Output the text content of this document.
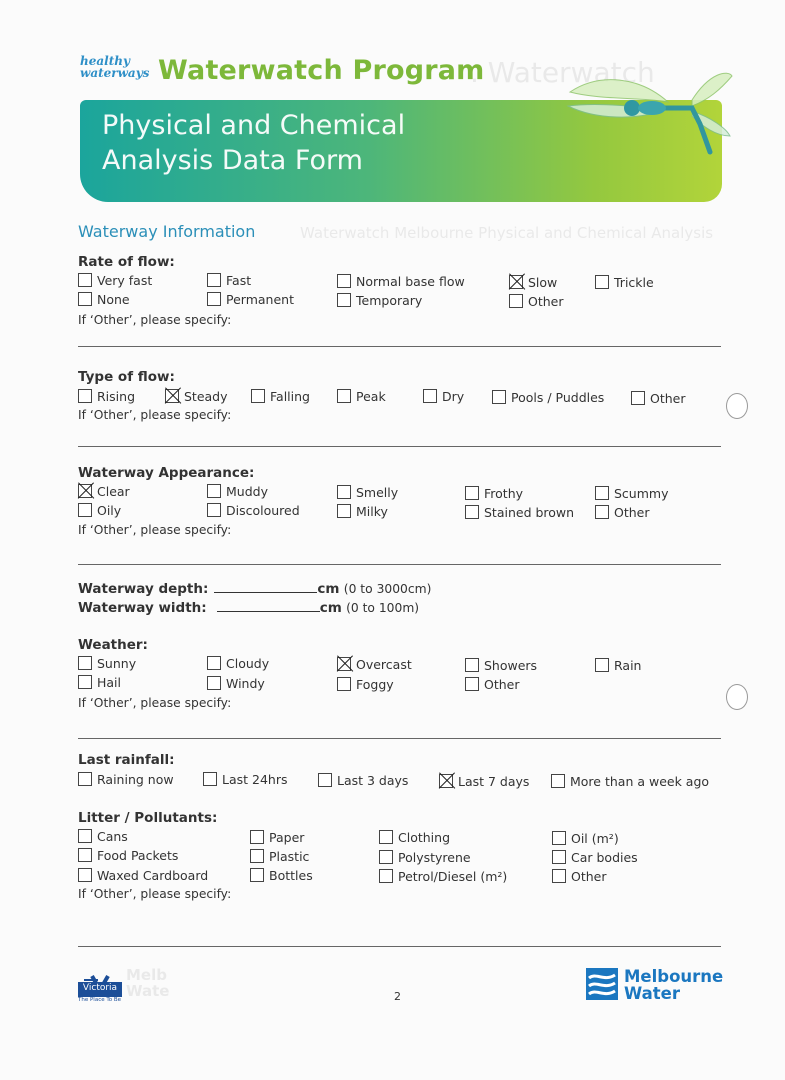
. Waterwatch
Waterwatch Melbourne Physical and Chemical Analysis
healthy
waterways Waterwatch Program
Physical and Chemical
Analysis Data Form
Waterway Information
Rate of flow:
Very fast
None
Fast
Permanent
Normal base flow
Temporary
Slow
Other
Trickle
If ‘Other’, please specify:
Type of flow:
Rising	Steady	Falling	Peak	Dry	Pools / Puddles	Other
If ‘Other’, please specify:
Waterway Appearance:
Clear
Oily
Muddy
Discoloured
Smelly
Milky
Frothy
Stained brown
Scummy
Other
If ‘Other’, please specify:
Waterway depth:	cm (0 to 3000cm)
Waterway width:	cm (0 to 100m)
Weather:
Sunny
Hail
Cloudy
Windy
Overcast
Foggy
Showers
Other
Rain
If ‘Other’, please specify:
Last rainfall:
Raining now	Last 24hrs	Last 3 days	Last 7 days	More than a week ago
Litter / Pollutants:
Cans
Food Packets
Waxed Cardboard
Paper
Plastic
Bottles
Clothing
Polystyrene
Petrol/Diesel (m²)
Oil (m²)
Car bodies
Other
If ‘Other’, please specify:
Victoria
The Place To Be
Melb
Wate	2
Melbourne
Water
